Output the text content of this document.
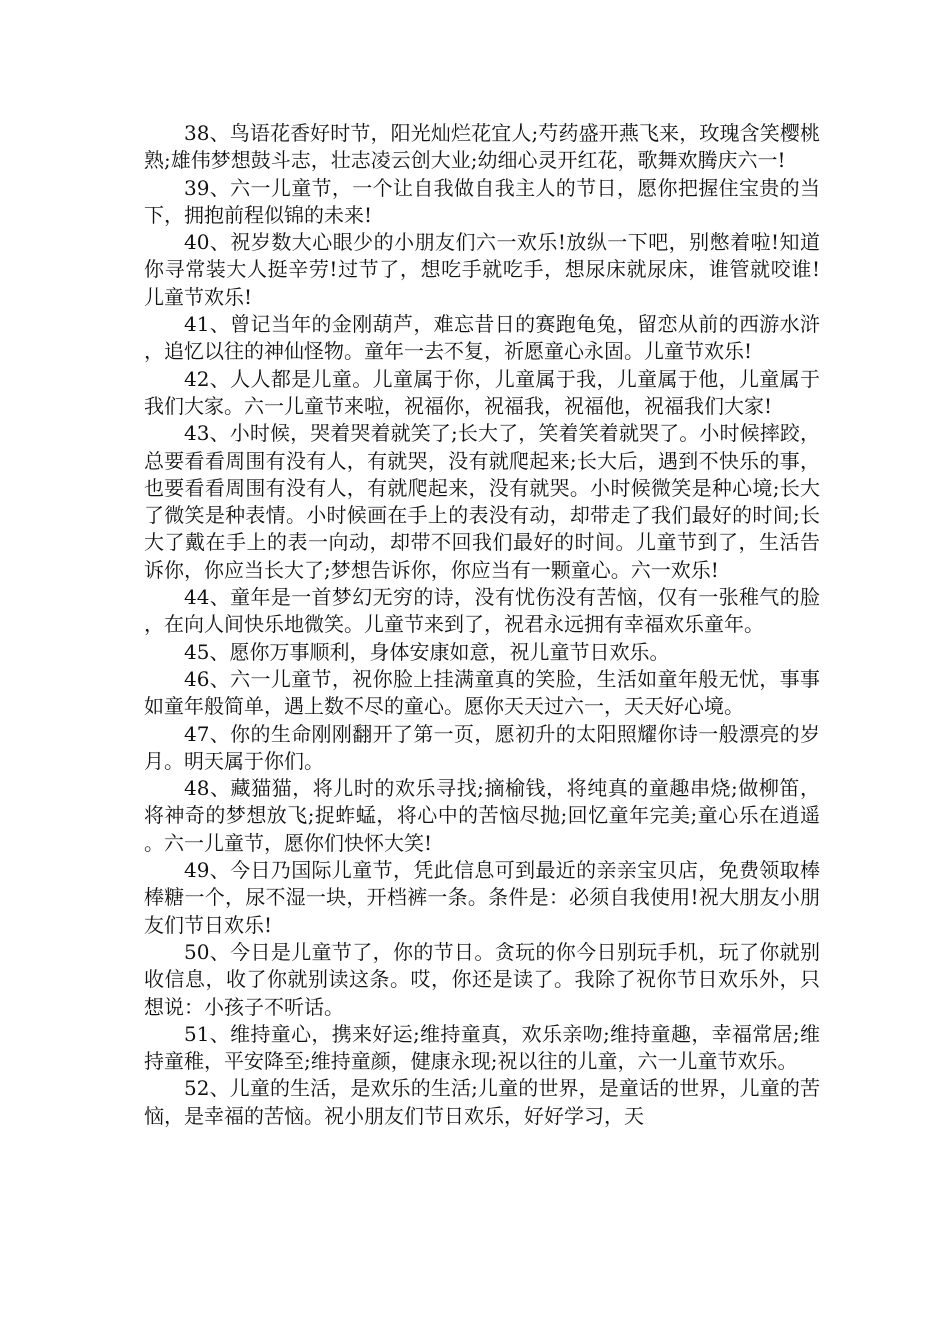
38、鸟语花香好时节，阳光灿烂花宜人;芍药盛开燕飞来，玫瑰含笑樱桃熟;雄伟梦想鼓斗志，壮志凌云创大业;幼细心灵开红花，歌舞欢腾庆六一!

39、六一儿童节，一个让自我做自我主人的节日，愿你把握住宝贵的当下，拥抱前程似锦的未来!

40、祝岁数大心眼少的小朋友们六一欢乐!放纵一下吧，别憋着啦!知道你寻常装大人挺辛劳!过节了，想吃手就吃手，想尿床就尿床，谁管就咬谁!儿童节欢乐!

41、曾记当年的金刚葫芦，难忘昔日的赛跑龟兔，留恋从前的西游水浒，追忆以往的神仙怪物。童年一去不复，祈愿童心永固。儿童节欢乐!

42、人人都是儿童。儿童属于你，儿童属于我，儿童属于他，儿童属于我们大家。六一儿童节来啦，祝福你，祝福我，祝福他，祝福我们大家!

43、小时候，哭着哭着就笑了;长大了，笑着笑着就哭了。小时候摔跤，总要看看周围有没有人，有就哭，没有就爬起来;长大后，遇到不快乐的事，也要看看周围有没有人，有就爬起来，没有就哭。小时候微笑是种心境;长大了微笑是种表情。小时候画在手上的表没有动，却带走了我们最好的时间;长大了戴在手上的表一向动，却带不回我们最好的时间。儿童节到了，生活告诉你，你应当长大了;梦想告诉你，你应当有一颗童心。六一欢乐!

44、童年是一首梦幻无穷的诗，没有忧伤没有苦恼，仅有一张稚气的脸，在向人间快乐地微笑。儿童节来到了，祝君永远拥有幸福欢乐童年。

45、愿你万事顺利，身体安康如意，祝儿童节日欢乐。

46、六一儿童节，祝你脸上挂满童真的笑脸，生活如童年般无忧，事事如童年般简单，遇上数不尽的童心。愿你天天过六一，天天好心境。

47、你的生命刚刚翻开了第一页，愿初升的太阳照耀你诗一般漂亮的岁月。明天属于你们。

48、藏猫猫，将儿时的欢乐寻找;摘榆钱，将纯真的童趣串烧;做柳笛，将神奇的梦想放飞;捉蚱蜢，将心中的苦恼尽抛;回忆童年完美;童心乐在逍遥。六一儿童节，愿你们快怀大笑!

49、今日乃国际儿童节，凭此信息可到最近的亲亲宝贝店，免费领取棒棒糖一个，尿不湿一块，开档裤一条。条件是：必须自我使用!祝大朋友小朋友们节日欢乐!

50、今日是儿童节了，你的节日。贪玩的你今日别玩手机，玩了你就别收信息，收了你就别读这条。哎，你还是读了。我除了祝你节日欢乐外，只想说：小孩子不听话。

51、维持童心，携来好运;维持童真，欢乐亲吻;维持童趣，幸福常居;维持童稚，平安降至;维持童颜，健康永现;祝以往的儿童，六一儿童节欢乐。

52、儿童的生活，是欢乐的生活;儿童的世界，是童话的世界，儿童的苦恼，是幸福的苦恼。祝小朋友们节日欢乐，好好学习，天
